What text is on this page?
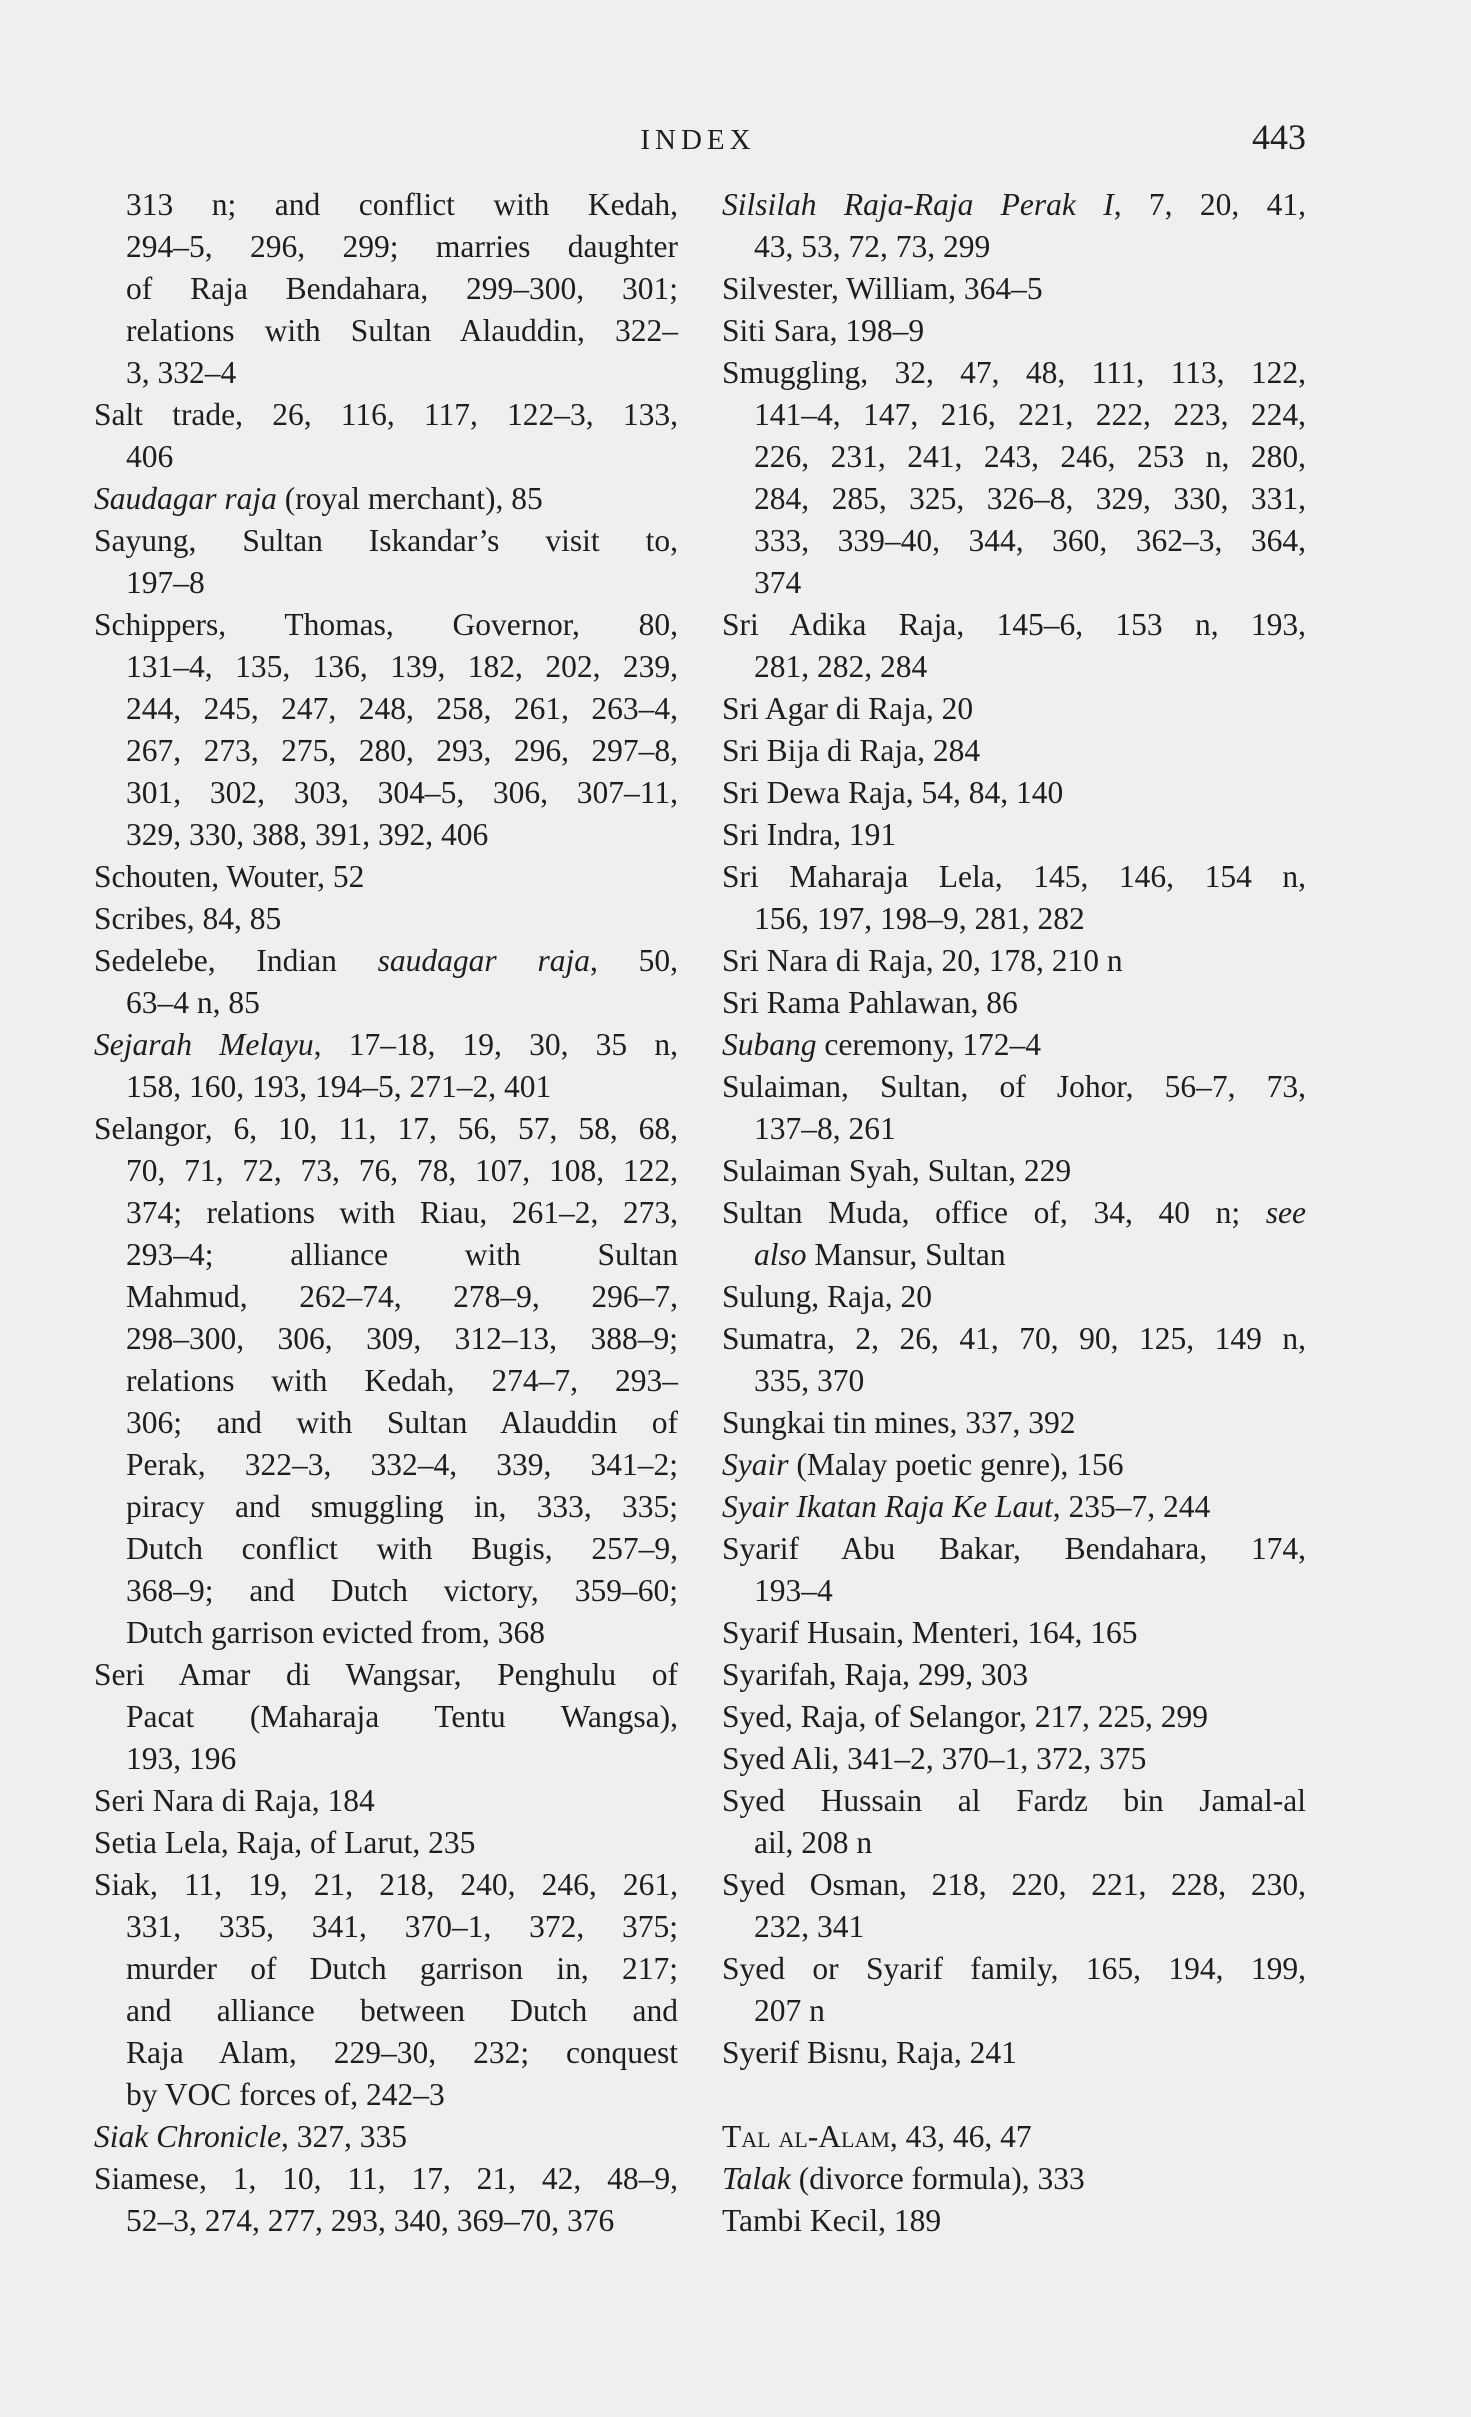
INDEX	443
313 n; and conflict with Kedah,
294–5, 296, 299; marries daughter
of Raja Bendahara, 299–300, 301;
relations with Sultan Alauddin, 322–
3, 332–4
Salt trade, 26, 116, 117, 122–3, 133,
406
Saudagar raja (royal merchant), 85
Sayung, Sultan Iskandar’s visit to,
197–8
Schippers, Thomas, Governor, 80,
131–4, 135, 136, 139, 182, 202, 239,
244, 245, 247, 248, 258, 261, 263–4,
267, 273, 275, 280, 293, 296, 297–8,
301, 302, 303, 304–5, 306, 307–11,
329, 330, 388, 391, 392, 406
Schouten, Wouter, 52
Scribes, 84, 85
Sedelebe, Indian saudagar raja, 50,
63–4 n, 85
Sejarah Melayu, 17–18, 19, 30, 35 n,
158, 160, 193, 194–5, 271–2, 401
Selangor, 6, 10, 11, 17, 56, 57, 58, 68,
70, 71, 72, 73, 76, 78, 107, 108, 122,
374; relations with Riau, 261–2, 273,
293–4; alliance with Sultan
Mahmud, 262–74, 278–9, 296–7,
298–300, 306, 309, 312–13, 388–9;
relations with Kedah, 274–7, 293–
306; and with Sultan Alauddin of
Perak, 322–3, 332–4, 339, 341–2;
piracy and smuggling in, 333, 335;
Dutch conflict with Bugis, 257–9,
368–9; and Dutch victory, 359–60;
Dutch garrison evicted from, 368
Seri Amar di Wangsar, Penghulu of
Pacat (Maharaja Tentu Wangsa),
193, 196
Seri Nara di Raja, 184
Setia Lela, Raja, of Larut, 235
Siak, 11, 19, 21, 218, 240, 246, 261,
331, 335, 341, 370–1, 372, 375;
murder of Dutch garrison in, 217;
and alliance between Dutch and
Raja Alam, 229–30, 232; conquest
by VOC forces of, 242–3
Siak Chronicle, 327, 335
Siamese, 1, 10, 11, 17, 21, 42, 48–9,
52–3, 274, 277, 293, 340, 369–70, 376
Silsilah Raja-Raja Perak I, 7, 20, 41,
43, 53, 72, 73, 299
Silvester, William, 364–5
Siti Sara, 198–9
Smuggling, 32, 47, 48, 111, 113, 122,
141–4, 147, 216, 221, 222, 223, 224,
226, 231, 241, 243, 246, 253 n, 280,
284, 285, 325, 326–8, 329, 330, 331,
333, 339–40, 344, 360, 362–3, 364,
374
Sri Adika Raja, 145–6, 153 n, 193,
281, 282, 284
Sri Agar di Raja, 20
Sri Bija di Raja, 284
Sri Dewa Raja, 54, 84, 140
Sri Indra, 191
Sri Maharaja Lela, 145, 146, 154 n,
156, 197, 198–9, 281, 282
Sri Nara di Raja, 20, 178, 210 n
Sri Rama Pahlawan, 86
Subang ceremony, 172–4
Sulaiman, Sultan, of Johor, 56–7, 73,
137–8, 261
Sulaiman Syah, Sultan, 229
Sultan Muda, office of, 34, 40 n; see
also Mansur, Sultan
Sulung, Raja, 20
Sumatra, 2, 26, 41, 70, 90, 125, 149 n,
335, 370
Sungkai tin mines, 337, 392
Syair (Malay poetic genre), 156
Syair Ikatan Raja Ke Laut, 235–7, 244
Syarif Abu Bakar, Bendahara, 174,
193–4
Syarif Husain, Menteri, 164, 165
Syarifah, Raja, 299, 303
Syed, Raja, of Selangor, 217, 225, 299
Syed Ali, 341–2, 370–1, 372, 375
Syed Hussain al Fardz bin Jamal-al
ail, 208 n
Syed Osman, 218, 220, 221, 228, 230,
232, 341
Syed or Syarif family, 165, 194, 199,
207 n
Syerif Bisnu, Raja, 241
Tal al-Alam, 43, 46, 47
Talak (divorce formula), 333
Tambi Kecil, 189
